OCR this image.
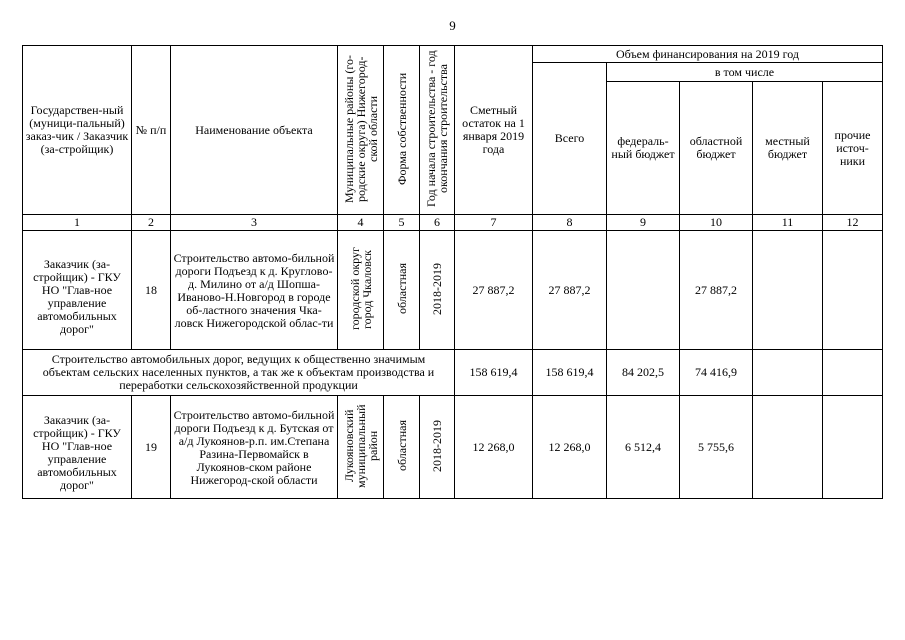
9
Государствен-ный (муници-пальный) заказ-чик / Заказчик (за-стройщик)	№ п/п	Наименование объекта	Муниципальные районы (го-родские округа) Нижегород-ской области	Форма собственности	Год начала строительства - год окончания строительства	Сметный остаток на 1 января 2019 года	Объем финансирования на 2019 год				
							Всего	в том числе			
								федераль-ный бюджет	областной бюджет	местный бюджет	прочие источ-ники
1	2	3	4	5	6	7	8	9	10	11	12
Заказчик (за-стройщик) - ГКУ НО "Глав-ное управление автомобильных дорог"	18	Строительство автомо-бильной дороги Подъезд к д. Кругловo-д. Милино от а/д Шопша-Иваново-Н.Новгород в городе об-ластного значения Чка-ловск Нижегородской облас-ти	городской округ город Чкаловск	областная	2018-2019	27 887,2	27 887,2		27 887,2		
Строительство автомобильных дорог, ведущих к общественно значимым объектам сельских населенных пунктов, а так же к объектам производства и переработки сельскохозяйственной продукции						158 619,4	158 619,4	84 202,5	74 416,9		
Заказчик (за-стройщик) - ГКУ НО "Глав-ное управление автомобильных дорог"	19	Строительство автомо-бильной дороги Подъезд к д. Бутская от а/д Лукоянов-р.п. им.Степана Разина-Первомайск в Лукоянов-ском районе Нижегород-ской области	Лукояновский муниципальный район	областная	2018-2019	12 268,0	12 268,0	6 512,4	5 755,6		
